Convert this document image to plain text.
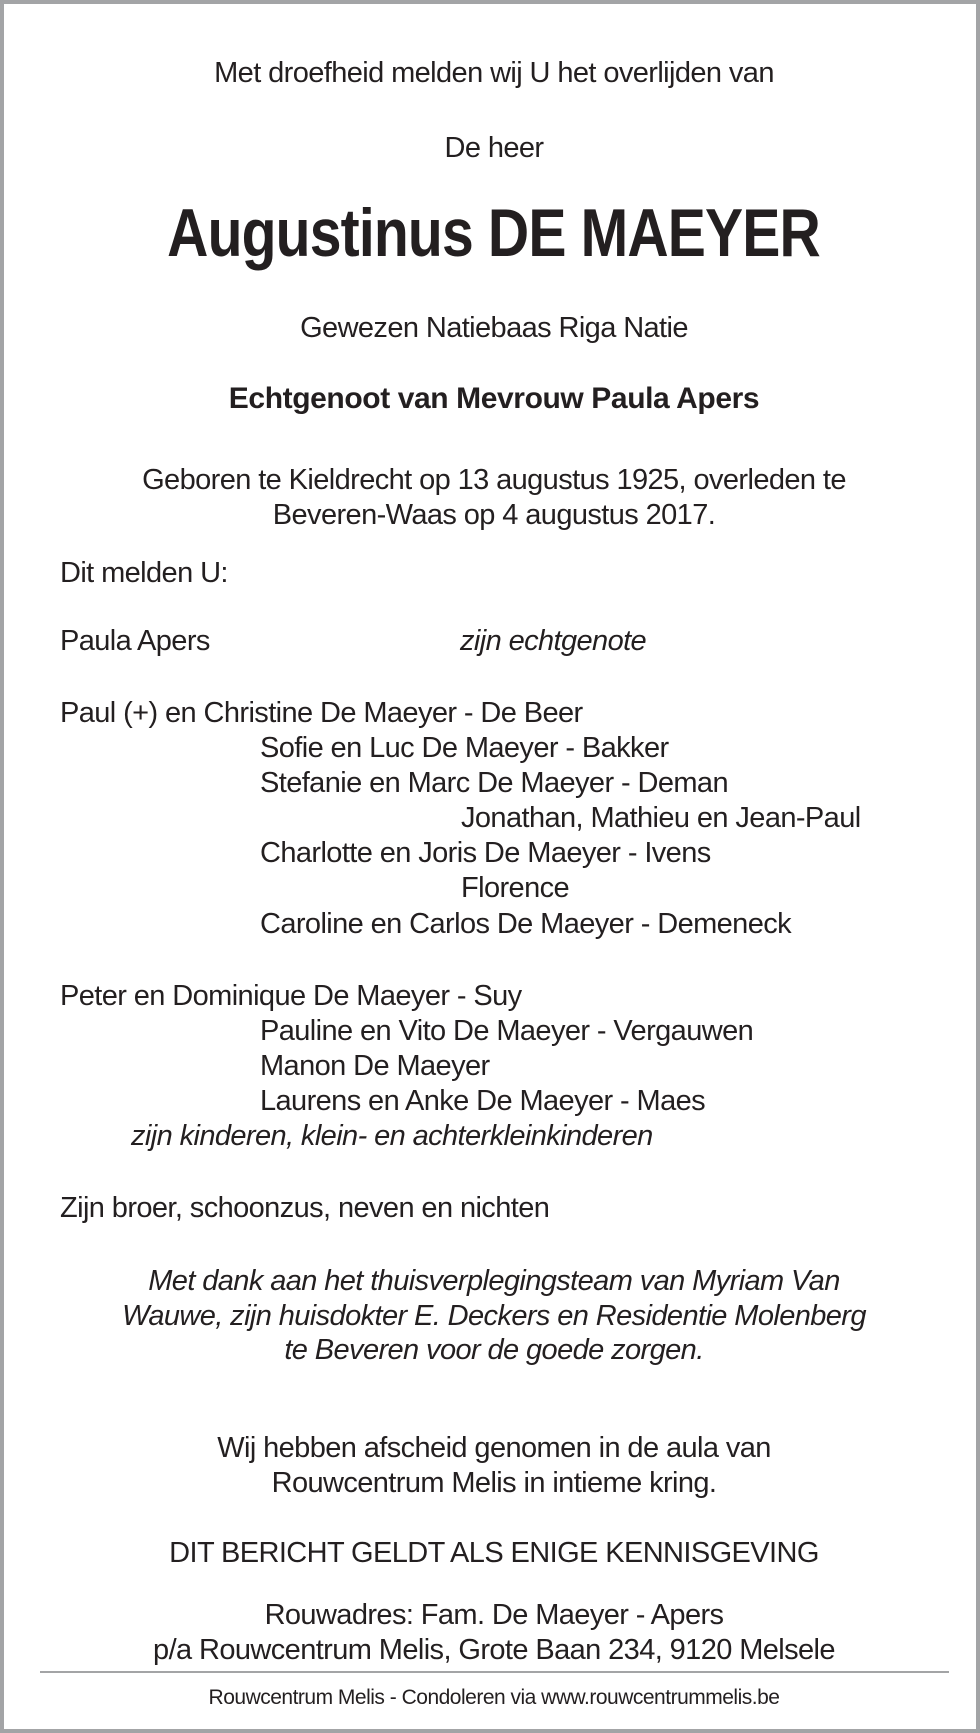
Met droefheid melden wij U het overlijden van
De heer
Augustinus DE MAEYER
Gewezen Natiebaas Riga Natie
Echtgenoot van Mevrouw Paula Apers
Geboren te Kieldrecht op 13 augustus 1925, overleden te
Beveren-Waas op 4 augustus 2017.
Dit melden U:
Paula Apers	zijn echtgenote
Paul (+) en Christine De Maeyer - De Beer
Sofie en Luc De Maeyer - Bakker
Stefanie en Marc De Maeyer - Deman
Jonathan, Mathieu en Jean-Paul
Charlotte en Joris De Maeyer - Ivens
Florence
Caroline en Carlos De Maeyer - Demeneck
Peter en Dominique De Maeyer - Suy
Pauline en Vito De Maeyer - Vergauwen
Manon De Maeyer
Laurens en Anke De Maeyer - Maes
zijn kinderen, klein- en achterkleinkinderen
Zijn broer, schoonzus, neven en nichten
Met dank aan het thuisverplegingsteam van Myriam Van
Wauwe, zijn huisdokter E. Deckers en Residentie Molenberg
te Beveren voor de goede zorgen.
Wij hebben afscheid genomen in de aula van
Rouwcentrum Melis in intieme kring.
DIT BERICHT GELDT ALS ENIGE KENNISGEVING
Rouwadres: Fam. De Maeyer - Apers
p/a Rouwcentrum Melis, Grote Baan 234, 9120 Melsele
Rouwcentrum Melis - Condoleren via www.rouwcentrummelis.be
